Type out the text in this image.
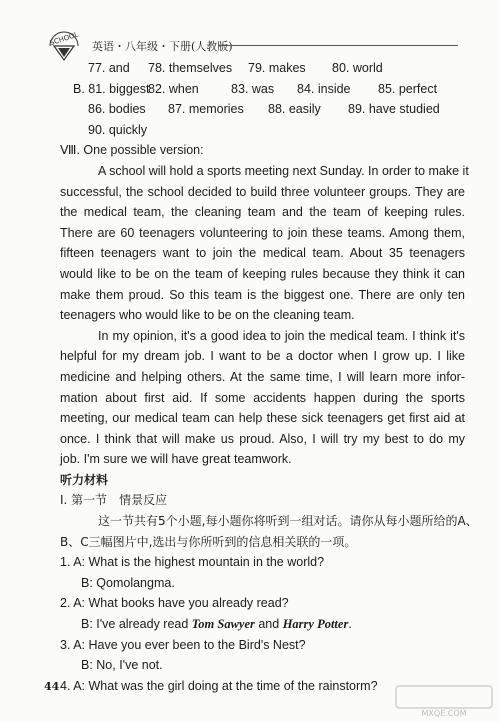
SCHOOL 英语・八年级・下册(人教版)
77. and 78. themselves 79. makes 80. world
B. 81. biggest82. when	83. was 84. inside 85. perfect
86. bodies 87. memories 88. easily 89. have studied
90. quickly
Ⅷ. One possible version:
A school will hold a sports meeting next Sunday. In order to make it
successful, the school decided to build three volunteer groups. They are
the medical team, the cleaning team and the team of keeping rules.
There are 60 teenagers volunteering to join these teams. Among them,
fifteen teenagers want to join the medical team. About 35 teenagers
would like to be on the team of keeping rules because they think it can
make them proud. So this team is the biggest one. There are only ten
teenagers who would like to be on the cleaning team.
In my opinion, it's a good idea to join the medical team. I think it's
helpful for my dream job. I want to be a doctor when I grow up. I like
medicine and helping others. At the same time, I will learn more infor-
mation about first aid. If some accidents happen during the sports
meeting, our medical team can help these sick teenagers get first aid at
once. I think that will make us proud. Also, I will try my best to do my
job. I'm sure we will have great teamwork.
听力材料
Ⅰ. 第一节　情景反应
这一节共有5个小题,每小题你将听到一组对话。请你从每小题所给的A、
B、C三幅图片中,选出与你所听到的信息相关联的一项。
1. A: What is the highest mountain in the world?
B: Qomolangma.
2. A: What books have you already read?
B: I've already read Tom Sawyer and Harry Potter.
3. A: Have you ever been to the Bird's Nest?
B: No, I've not.
4. A: What was the girl doing at the time of the rainstorm?
44
MXQE.COM
